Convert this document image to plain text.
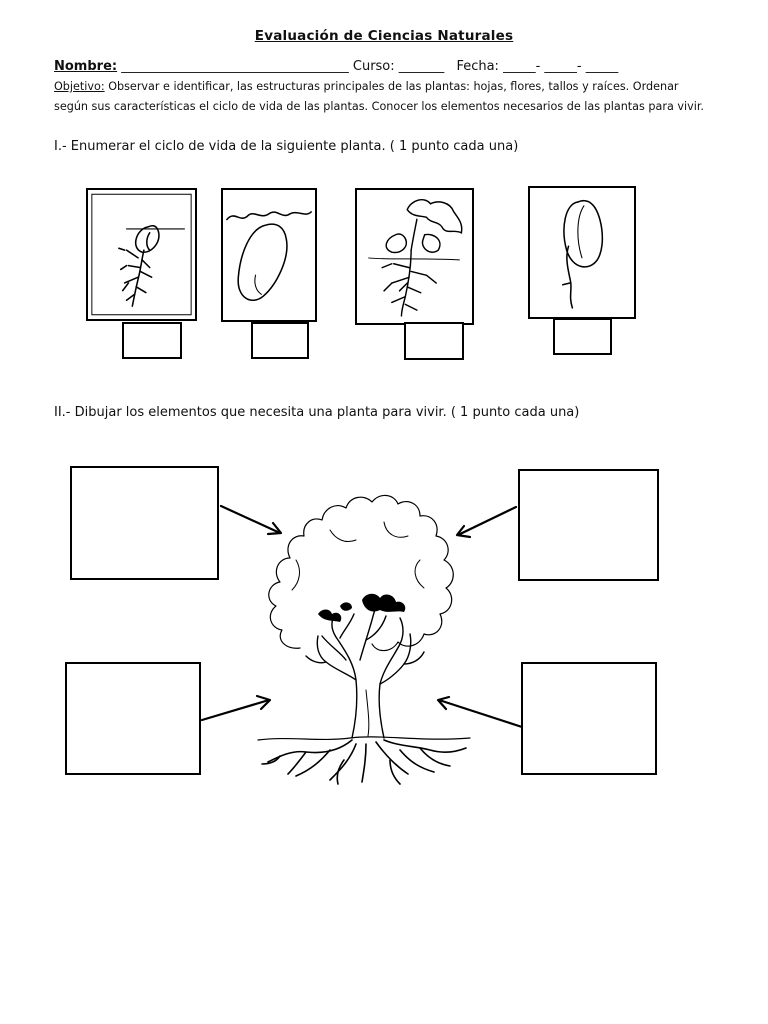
Evaluación de Ciencias Naturales
Nombre: ___________________________________ Curso: _______ Fecha: _____- _____- _____
Objetivo: Observar e identificar, las estructuras principales de las plantas: hojas, flores, tallos y raíces. Ordenar según sus características el ciclo de vida de las plantas. Conocer los elementos necesarios de las plantas para vivir.
I.- Enumerar el ciclo de vida de la siguiente planta. ( 1 punto cada una)
II.- Dibujar los elementos que necesita una planta para vivir. ( 1 punto cada una)
